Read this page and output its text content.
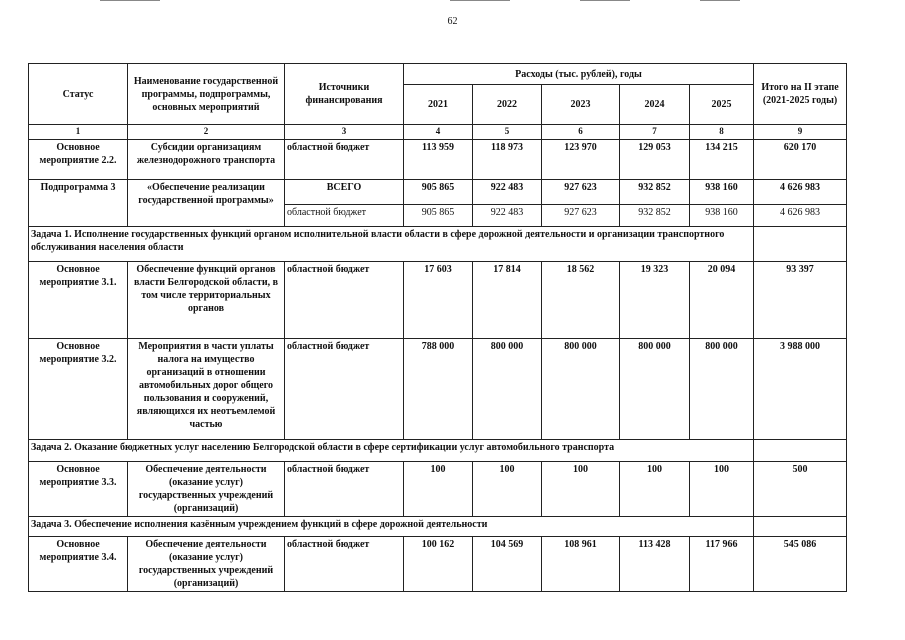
62
Статус	Наименование государственной программы, подпрограммы, основных мероприятий	Источники финансирования	Расходы (тыс. рублей), годы					Итого на II этапе (2021-2025 годы)
			2021	2022	2023	2024	2025	
1	2	3	4	5	6	7	8	9
Основное мероприятие 2.2.	Субсидии организациям железнодорожного транспорта	областной бюджет	113 959	118 973	123 970	129 053	134 215	620 170
Подпрограмма 3	«Обеспечение реализации государственной программы»	ВСЕГО	905 865	922 483	927 623	932 852	938 160	4 626 983
		областной бюджет	905 865	922 483	927 623	932 852	938 160	4 626 983
Задача 1. Исполнение государственных функций органом исполнительной власти области в сфере дорожной деятельности и организации транспортного обслуживания населения области								
Основное мероприятие 3.1.	Обеспечение функций органов власти Белгородской области, в том числе территориальных органов	областной бюджет	17 603	17 814	18 562	19 323	20 094	93 397
Основное мероприятие 3.2.	Мероприятия в части уплаты налога на имущество организаций в отношении автомобильных дорог общего пользования и сооружений, являющихся их неотъемлемой частью	областной бюджет	788 000	800 000	800 000	800 000	800 000	3 988 000
Задача 2. Оказание бюджетных услуг населению Белгородской области в сфере сертификации услуг автомобильного транспорта								
Основное мероприятие 3.3.	Обеспечение деятельности (оказание услуг) государственных учреждений (организаций)	областной бюджет	100	100	100	100	100	500
Задача 3. Обеспечение исполнения казённым учреждением функций в сфере дорожной деятельности								
Основное мероприятие 3.4.	Обеспечение деятельности (оказание услуг) государственных учреждений (организаций)	областной бюджет	100 162	104 569	108 961	113 428	117 966	545 086
